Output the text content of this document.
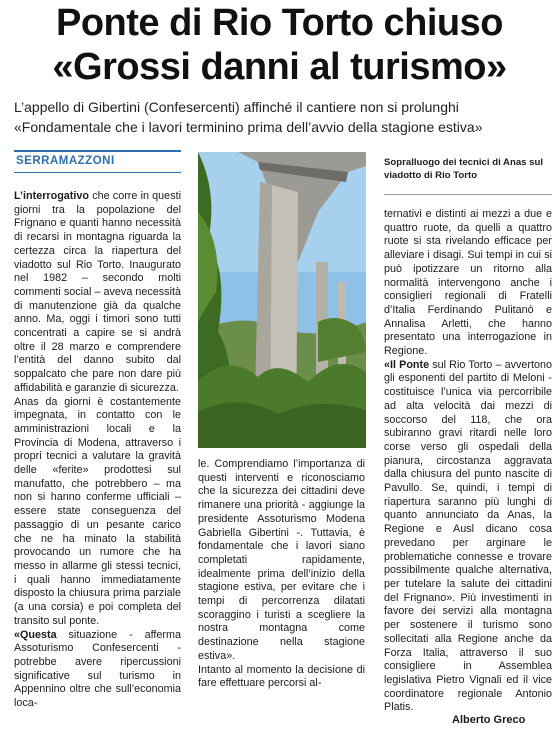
Ponte di Rio Torto chiuso
«Grossi danni al turismo»
L’appello di Gibertini (Confesercenti) affinché il cantiere non si prolunghi
«Fondamentale che i lavori terminino prima dell’avvio della stagione estiva»
SERRAMAZZONI

L’interrogativo che corre in questi giorni tra la popolazione del Frignano e quanti hanno necessità di recarsi in montagna riguarda la certezza circa la riapertura del viadotto sul Rio Torto. Inaugurato nel 1982 – secondo molti commenti social – aveva necessità di manutenzione già da qualche anno. Ma, oggi i timori sono tutti concentrati a capire se si andrà oltre il 28 marzo e comprendere l’entità del danno subito dal soppalcato che pare non dare più affidabilità e garanzie di sicurezza.

Anas da giorni è costantemente impegnata, in contatto con le amministrazioni locali e la Provincia di Modena, attraverso i propri tecnici a valutare la gravità delle «ferite» prodottesi sul manufatto, che potrebbero – ma non si hanno conferme ufficiali – essere state conseguenza del passaggio di un pesante carico che ne ha minato la stabilità provocando un rumore che ha messo in allarme gli stessi tecnici, i quali hanno immediatamente disposto la chiusura prima parziale (a una corsia) e poi completa del transito sul ponte.

«Questa situazione - afferma Assoturismo Confesercenti - potrebbe avere ripercussioni significative sul turismo in Appennino oltre che sull’economia loca-

Sopralluogo dei tecnici di Anas sul viadotto di Rio Torto

le. Comprendiamo l’importanza di questi interventi e riconosciamo che la sicurezza dei cittadini deve rimanere una priorità - aggiunge la presidente Assoturismo Modena Gabriella Gibertini -. Tuttavia, è fondamentale che i lavori siano completati rapidamente, idealmente prima dell’inizio della stagione estiva, per evitare che i tempi di percorrenza dilatati scoraggino i turisti a scegliere la nostra montagna come destinazione nella stagione estiva».

Intanto al momento la decisione di fare effettuare percorsi al-

ternativi e distinti ai mezzi a due e quattro ruote, da quelli a quattro ruote si sta rivelando efficace per alleviare i disagi. Sui tempi in cui si può ipotizzare un ritorno alla normalità intervengono anche i consiglieri regionali di Fratelli d’Italia Ferdinando Pulitanò e Annalisa Arletti, che hanno presentato una interrogazione in Regione.

«Il Ponte sul Rio Torto – avvertono gli esponenti del partito di Meloni - costituisce l’unica via percorribile ad alta velocità dai mezzi di soccorso del 118, che ora subiranno gravi ritardi nelle loro corse verso gli ospedali della pianura, circostanza aggravata dalla chiusura del punto nascite di Pavullo. Se, quindi, i tempi di riapertura saranno più lunghi di quanto annunciato da Anas, la Regione e Ausl dicano cosa prevedano per arginare le problematiche connesse e trovare possibilmente qualche alternativa, per tutelare la salute dei cittadini del Frignano». Più investimenti in favore dei servizi alla montagna per sostenere il turismo sono sollecitati alla Regione anche da Forza Italia, attraverso il suo consigliere in Assemblea legislativa Pietro Vignali ed il vice coordinatore regionale Antonio Platis.

Alberto Greco
